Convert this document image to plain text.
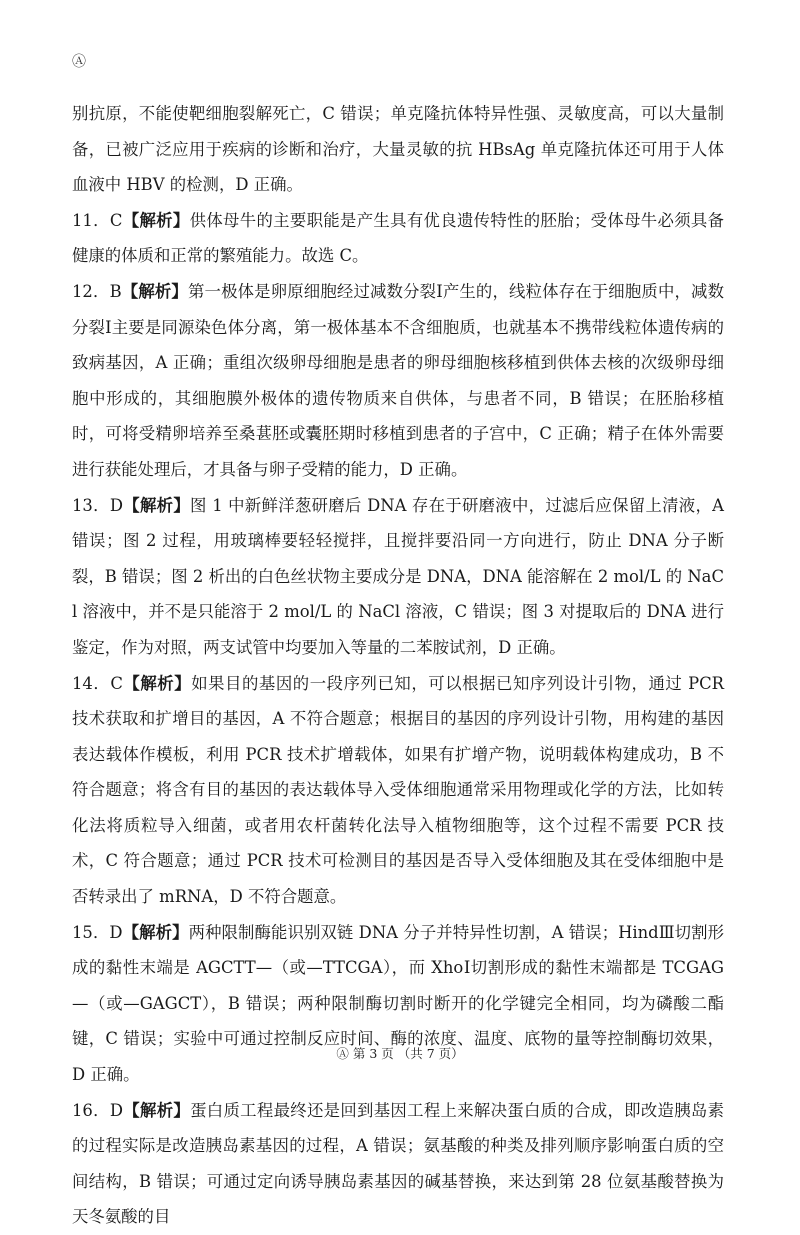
Ⓐ

别抗原，不能使靶细胞裂解死亡，C 错误；单克隆抗体特异性强、灵敏度高，可以大量制备，已被广泛应用于疾病的诊断和治疗，大量灵敏的抗 HBsAg 单克隆抗体还可用于人体血液中 HBV 的检测，D 正确。

11．C【解析】供体母牛的主要职能是产生具有优良遗传特性的胚胎；受体母牛必须具备健康的体质和正常的繁殖能力。故选 C。

12．B【解析】第一极体是卵原细胞经过减数分裂Ⅰ产生的，线粒体存在于细胞质中，减数分裂Ⅰ主要是同源染色体分离，第一极体基本不含细胞质，也就基本不携带线粒体遗传病的致病基因，A 正确；重组次级卵母细胞是患者的卵母细胞核移植到供体去核的次级卵母细胞中形成的，其细胞膜外极体的遗传物质来自供体，与患者不同，B 错误；在胚胎移植时，可将受精卵培养至桑葚胚或囊胚期时移植到患者的子宫中，C 正确；精子在体外需要进行获能处理后，才具备与卵子受精的能力，D 正确。

13．D【解析】图 1 中新鲜洋葱研磨后 DNA 存在于研磨液中，过滤后应保留上清液，A 错误；图 2 过程，用玻璃棒要轻轻搅拌，且搅拌要沿同一方向进行，防止 DNA 分子断裂，B 错误；图 2 析出的白色丝状物主要成分是 DNA，DNA 能溶解在 2 mol/L 的 NaCl 溶液中，并不是只能溶于 2 mol/L 的 NaCl 溶液，C 错误；图 3 对提取后的 DNA 进行鉴定，作为对照，两支试管中均要加入等量的二苯胺试剂，D 正确。

14．C【解析】如果目的基因的一段序列已知，可以根据已知序列设计引物，通过 PCR 技术获取和扩增目的基因，A 不符合题意；根据目的基因的序列设计引物，用构建的基因表达载体作模板，利用 PCR 技术扩增载体，如果有扩增产物，说明载体构建成功，B 不符合题意；将含有目的基因的表达载体导入受体细胞通常采用物理或化学的方法，比如转化法将质粒导入细菌，或者用农杆菌转化法导入植物细胞等，这个过程不需要 PCR 技术，C 符合题意；通过 PCR 技术可检测目的基因是否导入受体细胞及其在受体细胞中是否转录出了 mRNA，D 不符合题意。

15．D【解析】两种限制酶能识别双链 DNA 分子并特异性切割，A 错误；HindⅢ切割形成的黏性末端是 AGCTT—（或—TTCGA），而 XhoⅠ切割形成的黏性末端都是 TCGAG—（或—GAGCT），B 错误；两种限制酶切割时断开的化学键完全相同，均为磷酸二酯键，C 错误；实验中可通过控制反应时间、酶的浓度、温度、底物的量等控制酶切效果，D 正确。

16．D【解析】蛋白质工程最终还是回到基因工程上来解决蛋白质的合成，即改造胰岛素的过程实际是改造胰岛素基因的过程，A 错误；氨基酸的种类及排列顺序影响蛋白质的空间结构，B 错误；可通过定向诱导胰岛素基因的碱基替换，来达到第 28 位氨基酸替换为天冬氨酸的目

Ⓐ 第 3 页 （共 7 页）
